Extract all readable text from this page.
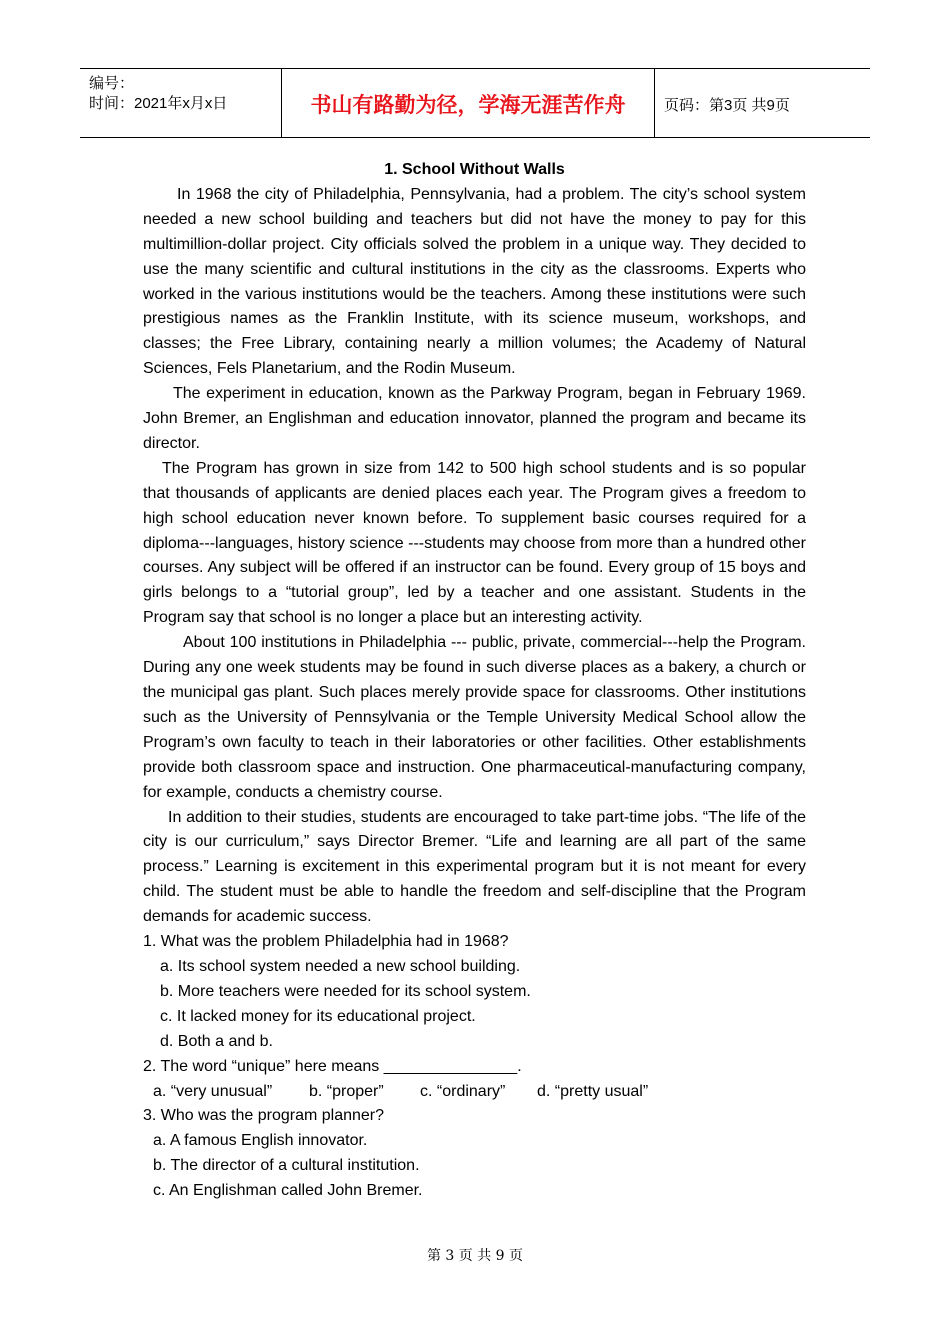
编号：
时间：2021年x月x日	书山有路勤为径，学海无涯苦作舟	页码：第3页 共9页

1. School Without Walls

In 1968 the city of Philadelphia, Pennsylvania, had a problem. The city’s school system needed a new school building and teachers but did not have the money to pay for this multimillion-dollar project. City officials solved the problem in a unique way. They decided to use the many scientific and cultural institutions in the city as the classrooms. Experts who worked in the various institutions would be the teachers. Among these institutions were such prestigious names as the Franklin Institute, with its science museum, workshops, and classes; the Free Library, containing nearly a million volumes; the Academy of Natural Sciences, Fels Planetarium, and the Rodin Museum.

The experiment in education, known as the Parkway Program, began in February 1969. John Bremer, an Englishman and education innovator, planned the program and became its director.

The Program has grown in size from 142 to 500 high school students and is so popular that thousands of applicants are denied places each year. The Program gives a freedom to high school education never known before. To supplement basic courses required for a diploma---languages, history science ---students may choose from more than a hundred other courses. Any subject will be offered if an instructor can be found. Every group of 15 boys and girls belongs to a “tutorial group”, led by a teacher and one assistant. Students in the Program say that school is no longer a place but an interesting activity.

About 100 institutions in Philadelphia --- public, private, commercial---help the Program. During any one week students may be found in such diverse places as a bakery, a church or the municipal gas plant. Such places merely provide space for classrooms. Other institutions such as the University of Pennsylvania or the Temple University Medical School allow the Program’s own faculty to teach in their laboratories or other facilities. Other establishments provide both classroom space and instruction. One pharmaceutical-manufacturing company, for example, conducts a chemistry course.

In addition to their studies, students are encouraged to take part-time jobs. “The life of the city is our curriculum,” says Director Bremer. “Life and learning are all part of the same process.” Learning is excitement in this experimental program but it is not meant for every child. The student must be able to handle the freedom and self-discipline that the Program demands for academic success.

1. What was the problem Philadelphia had in 1968?

a. Its school system needed a new school building.

b. More teachers were needed for its school system.

c. It lacked money for its educational project.

d. Both a and b.

2. The word “unique” here means _______________.

a. “very unusual” b. “proper” c. “ordinary” d. “pretty usual”

3. Who was the program planner?

a. A famous English innovator.

b. The director of a cultural institution.

c. An Englishman called John Bremer.

第 3 页 共 9 页
